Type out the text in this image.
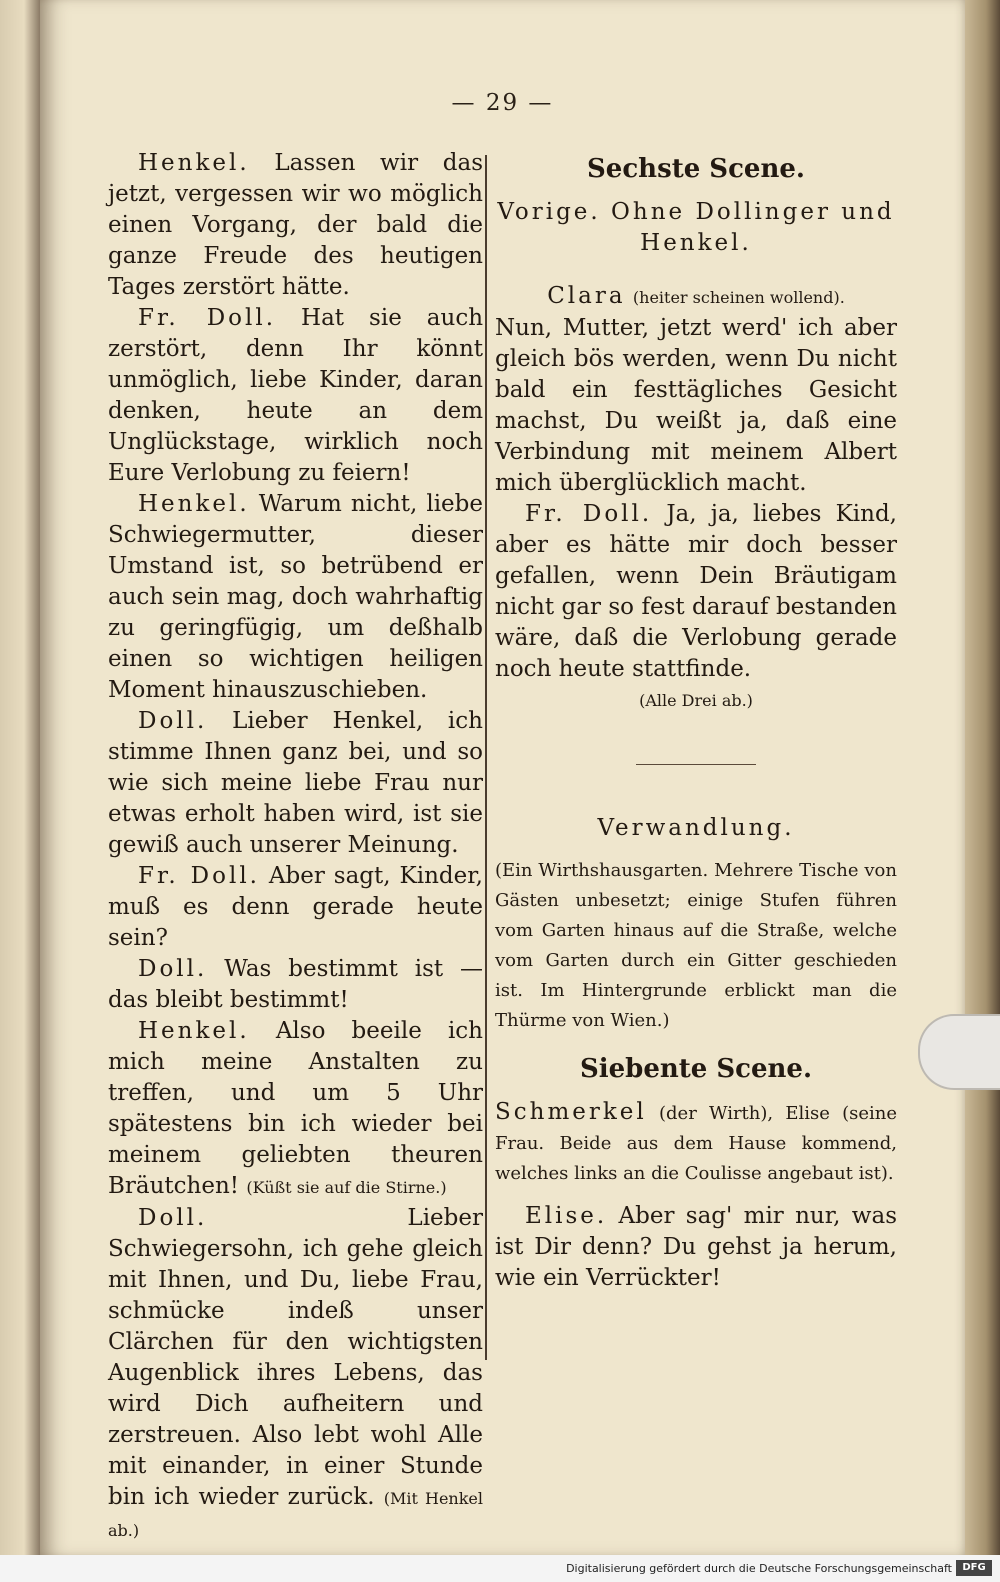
— 29 —

Henkel. Lassen wir das jetzt, vergessen wir wo möglich einen Vorgang, der bald die ganze Freude des heutigen Tages zerstört hätte.

Fr. Doll. Hat sie auch zerstört, denn Ihr könnt unmöglich, liebe Kinder, daran denken, heute an dem Unglückstage, wirklich noch Eure Verlobung zu feiern!

Henkel. Warum nicht, liebe Schwiegermutter, dieser Umstand ist, so betrübend er auch sein mag, doch wahrhaftig zu geringfügig, um deßhalb einen so wichtigen heiligen Moment hinauszuschieben.

Doll. Lieber Henkel, ich stimme Ihnen ganz bei, und so wie sich meine liebe Frau nur etwas erholt haben wird, ist sie gewiß auch unserer Meinung.

Fr. Doll. Aber sagt, Kinder, muß es denn gerade heute sein?

Doll. Was bestimmt ist — das bleibt bestimmt!

Henkel. Also beeile ich mich meine Anstalten zu treffen, und um 5 Uhr spätestens bin ich wieder bei meinem geliebten theuren Bräutchen! (Küßt sie auf die Stirne.)

Doll. Lieber Schwiegersohn, ich gehe gleich mit Ihnen, und Du, liebe Frau, schmücke indeß unser Clärchen für den wichtigsten Augenblick ihres Lebens, das wird Dich aufheitern und zerstreuen. Also lebt wohl Alle mit einander, in einer Stunde bin ich wieder zurück. (Mit Henkel ab.)

Sechste Scene.

Vorige. Ohne Dollinger und Henkel.

Clara (heiter scheinen wollend).

Nun, Mutter, jetzt werd' ich aber gleich bös werden, wenn Du nicht bald ein festtägliches Gesicht machst, Du weißt ja, daß eine Verbindung mit meinem Albert mich überglücklich macht.

Fr. Doll. Ja, ja, liebes Kind, aber es hätte mir doch besser gefallen, wenn Dein Bräutigam nicht gar so fest darauf bestanden wäre, daß die Verlobung gerade noch heute stattfinde.

(Alle Drei ab.)

Verwandlung.

(Ein Wirthshausgarten. Mehrere Tische von Gästen unbesetzt; einige Stufen führen vom Garten hinaus auf die Straße, welche vom Garten durch ein Gitter geschieden ist. Im Hintergrunde erblickt man die Thürme von Wien.)

Siebente Scene.

Schmerkel (der Wirth), Elise (seine Frau. Beide aus dem Hause kommend, welches links an die Coulisse angebaut ist).

Elise. Aber sag' mir nur, was ist Dir denn? Du gehst ja herum, wie ein Verrückter!

Digitalisierung gefördert durch die Deutsche Forschungsgemeinschaft	DFG
